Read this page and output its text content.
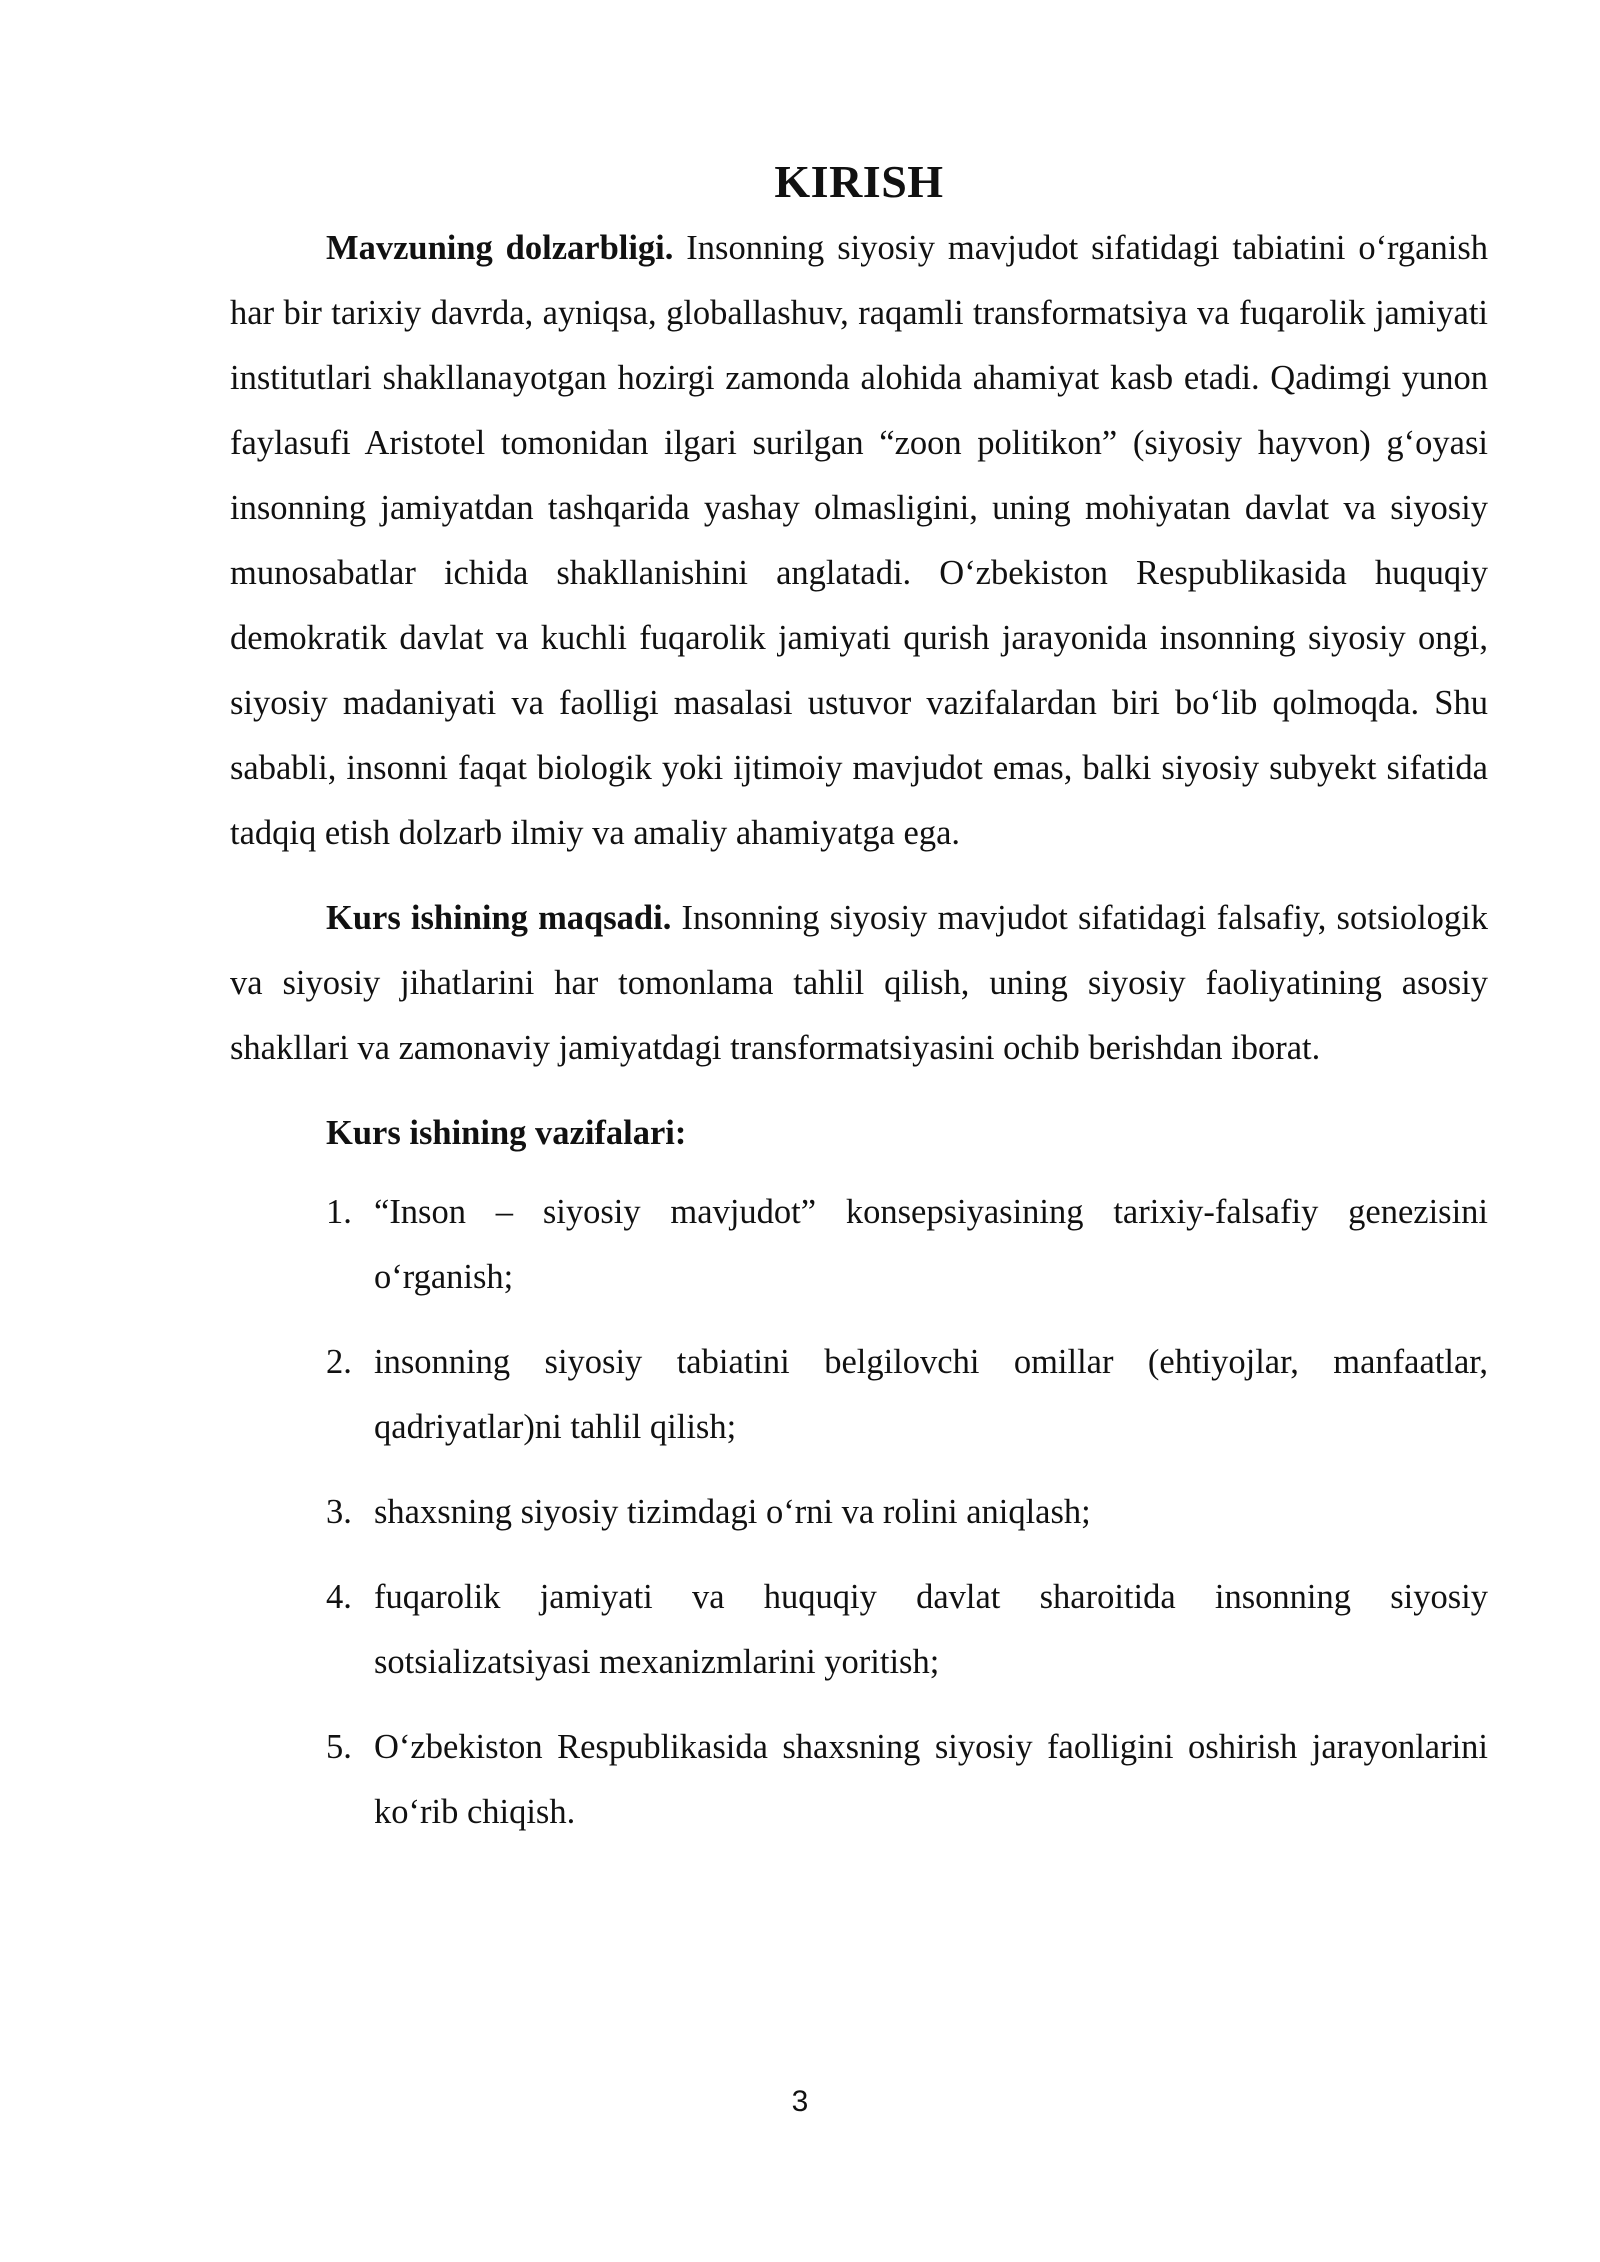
KIRISH

Mavzuning dolzarbligi. Insonning siyosiy mavjudot sifatidagi tabiatini o‘rganish har bir tarixiy davrda, ayniqsa, globallashuv, raqamli transformatsiya va fuqarolik jamiyati institutlari shakllanayotgan hozirgi zamonda alohida ahamiyat kasb etadi. Qadimgi yunon faylasufi Aristotel tomonidan ilgari surilgan “zoon politikon” (siyosiy hayvon) g‘oyasi insonning jamiyatdan tashqarida yashay olmasligini, uning mohiyatan davlat va siyosiy munosabatlar ichida shakllanishini anglatadi. O‘zbekiston Respublikasida huquqiy demokratik davlat va kuchli fuqarolik jamiyati qurish jarayonida insonning siyosiy ongi, siyosiy madaniyati va faolligi masalasi ustuvor vazifalardan biri bo‘lib qolmoqda. Shu sababli, insonni faqat biologik yoki ijtimoiy mavjudot emas, balki siyosiy subyekt sifatida tadqiq etish dolzarb ilmiy va amaliy ahamiyatga ega.

Kurs ishining maqsadi. Insonning siyosiy mavjudot sifatidagi falsafiy, sotsiologik va siyosiy jihatlarini har tomonlama tahlil qilish, uning siyosiy faoliyatining asosiy shakllari va zamonaviy jamiyatdagi transformatsiyasini ochib berishdan iborat.

Kurs ishining vazifalari:
1. “Inson – siyosiy mavjudot” konsepsiyasining tarixiy-falsafiy genezisini o‘rganish;
2. insonning siyosiy tabiatini belgilovchi omillar (ehtiyojlar, manfaatlar, qadriyatlar)ni tahlil qilish;
3. shaxsning siyosiy tizimdagi o‘rni va rolini aniqlash;
4. fuqarolik jamiyati va huquqiy davlat sharoitida insonning siyosiy sotsializatsiyasi mexanizmlarini yoritish;
5. O‘zbekiston Respublikasida shaxsning siyosiy faolligini oshirish jarayonlarini ko‘rib chiqish.
3
